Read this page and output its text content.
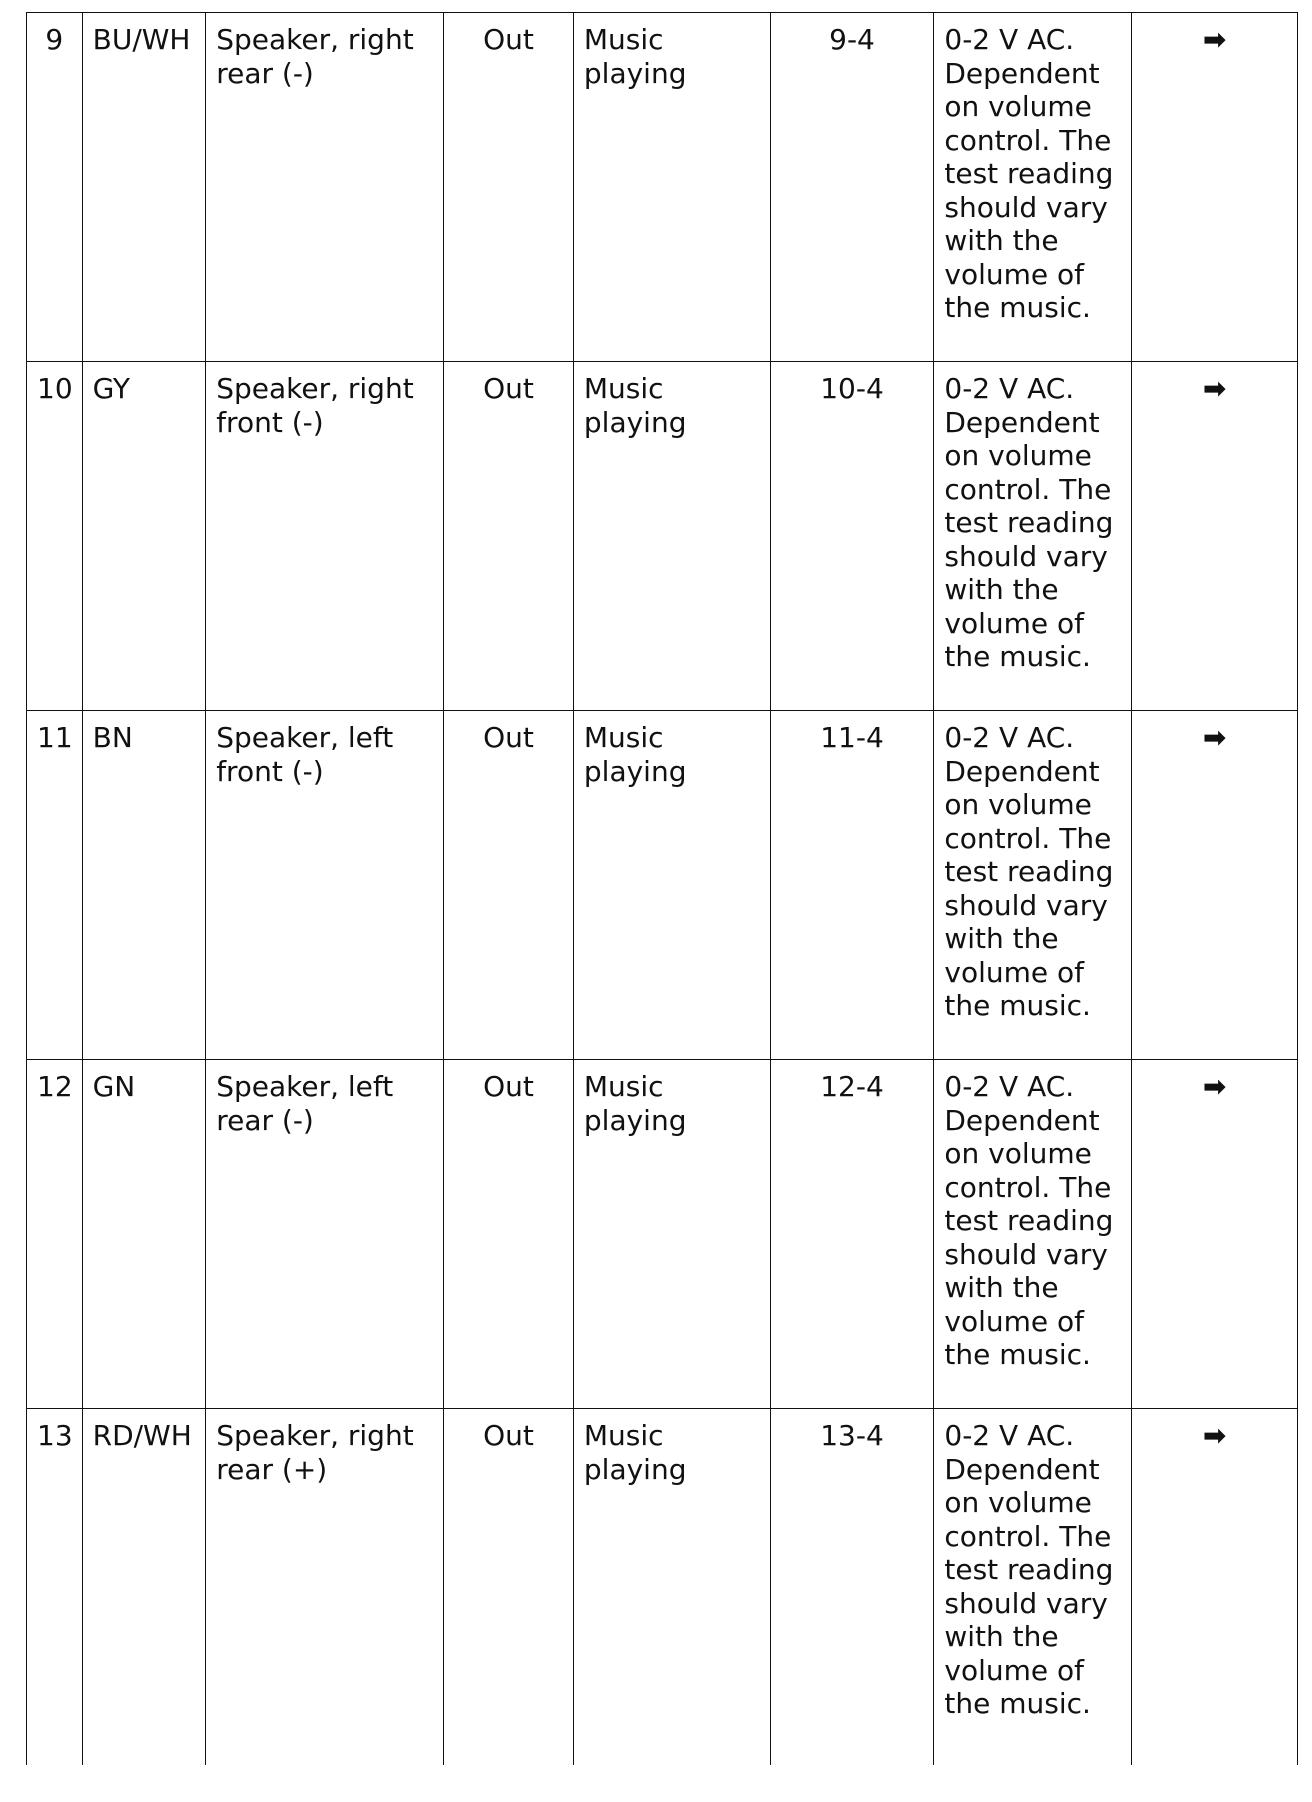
9	BU/WH	Speaker, right rear (-)	Out	Music playing	9-4	0-2 V AC. Dependent on volume control. The test reading should vary with the volume of the music.	➡
10	GY	Speaker, right front (-)	Out	Music playing	10-4	0-2 V AC. Dependent on volume control. The test reading should vary with the volume of the music.	➡
11	BN	Speaker, left front (-)	Out	Music playing	11-4	0-2 V AC. Dependent on volume control. The test reading should vary with the volume of the music.	➡
12	GN	Speaker, left rear (-)	Out	Music playing	12-4	0-2 V AC. Dependent on volume control. The test reading should vary with the volume of the music.	➡
13	RD/WH	Speaker, right rear (+)	Out	Music playing	13-4	0-2 V AC. Dependent on volume control. The test reading should vary with the volume of the music.	➡
